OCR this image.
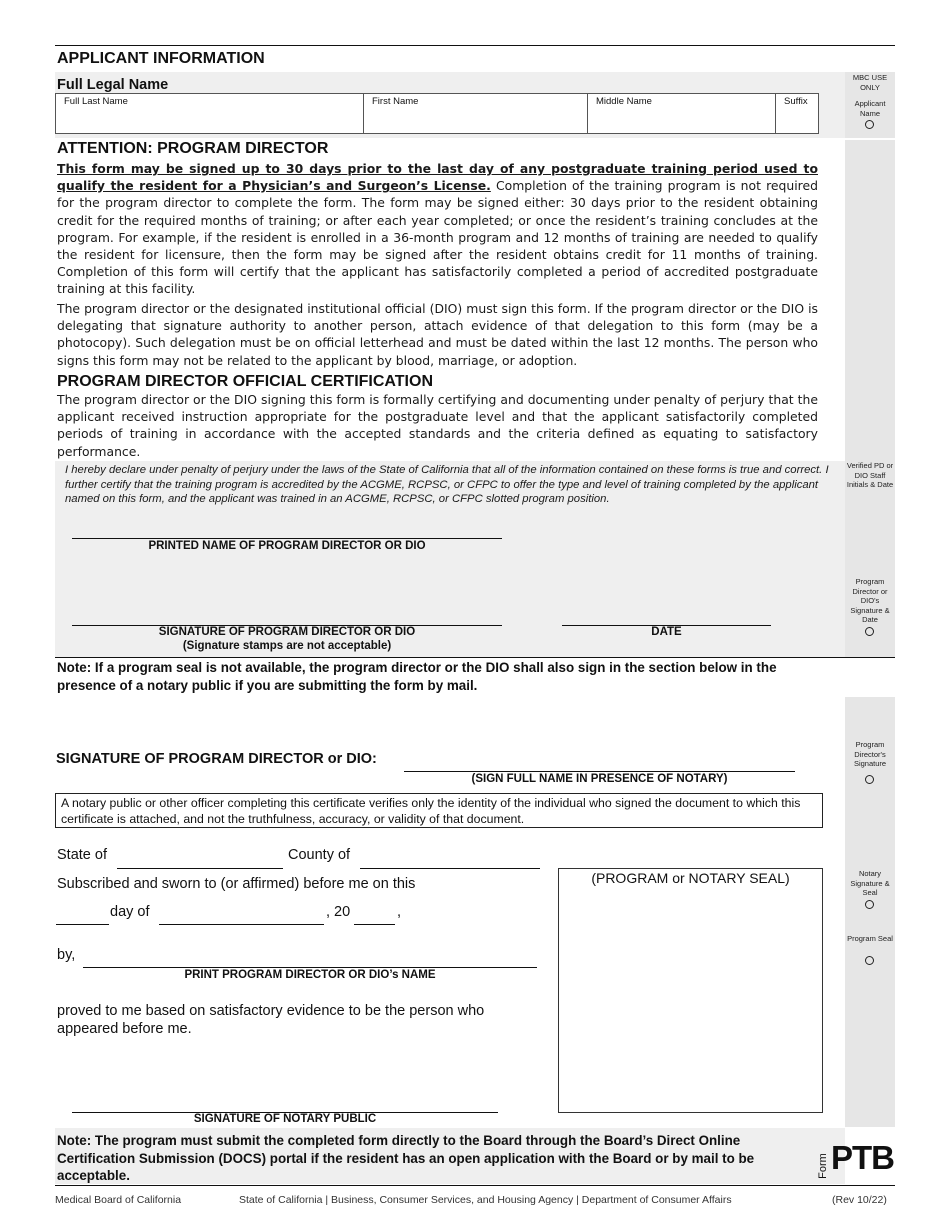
APPLICANT INFORMATION
Full Legal Name
Full Last Name	First Name	Middle Name	Suffix
MBC USE ONLY
Applicant Name
Verified PD or DIO Staff Initials & Date
Program Director or DIO's Signature & Date
Program Director's Signature
Notary Signature & Seal
Program Seal
ATTENTION: PROGRAM DIRECTOR
This form may be signed up to 30 days prior to the last day of any postgraduate training period used to qualify the resident for a Physician’s and Surgeon’s License. Completion of the training program is not required for the program director to complete the form. The form may be signed either: 30 days prior to the resident obtaining credit for the required months of training; or after each year completed; or once the resident’s training concludes at the program. For example, if the resident is enrolled in a 36-month program and 12 months of training are needed to qualify the resident for licensure, then the form may be signed after the resident obtains credit for 11 months of training. Completion of this form will certify that the applicant has satisfactorily completed a period of accredited postgraduate training at this facility.
The program director or the designated institutional official (DIO) must sign this form. If the program director or the DIO is delegating that signature authority to another person, attach evidence of that delegation to this form (may be a photocopy). Such delegation must be on official letterhead and must be dated within the last 12 months. The person who signs this form may not be related to the applicant by blood, marriage, or adoption.
PROGRAM DIRECTOR OFFICIAL CERTIFICATION
The program director or the DIO signing this form is formally certifying and documenting under penalty of perjury that the applicant received instruction appropriate for the postgraduate level and that the applicant satisfactorily completed periods of training in accordance with the accepted standards and the criteria defined as equating to satisfactory performance.
I hereby declare under penalty of perjury under the laws of the State of California that all of the information contained on these forms is true and correct. I further certify that the training program is accredited by the ACGME, RCPSC, or CFPC to offer the type and level of training completed by the applicant named on this form, and the applicant was trained in an ACGME, RCPSC, or CFPC slotted program position.
PRINTED NAME OF PROGRAM DIRECTOR OR DIO
SIGNATURE OF PROGRAM DIRECTOR OR DIO
(Signature stamps are not acceptable)
DATE
Note: If a program seal is not available, the program director or the DIO shall also sign in the section below in the presence of a notary public if you are submitting the form by mail.
SIGNATURE OF PROGRAM DIRECTOR or DIO:
(SIGN FULL NAME IN PRESENCE OF NOTARY)
A notary public or other officer completing this certificate verifies only the identity of the individual who signed the document to which this certificate is attached, and not the truthfulness, accuracy, or validity of that document.
State of	County of
Subscribed and sworn to (or affirmed) before me on this
day of	, 20	,
by,
PRINT PROGRAM DIRECTOR OR DIO’s NAME
proved to me based on satisfactory evidence to be the person who appeared before me.
(PROGRAM or NOTARY SEAL)
SIGNATURE OF NOTARY PUBLIC
Note: The program must submit the completed form directly to the Board through the Board’s Direct Online Certification Submission (DOCS) portal if the resident has an open application with the Board or by mail to be acceptable.	Form PTB
Medical Board of California	State of California | Business, Consumer Services, and Housing Agency | Department of Consumer Affairs	(Rev 10/22)
